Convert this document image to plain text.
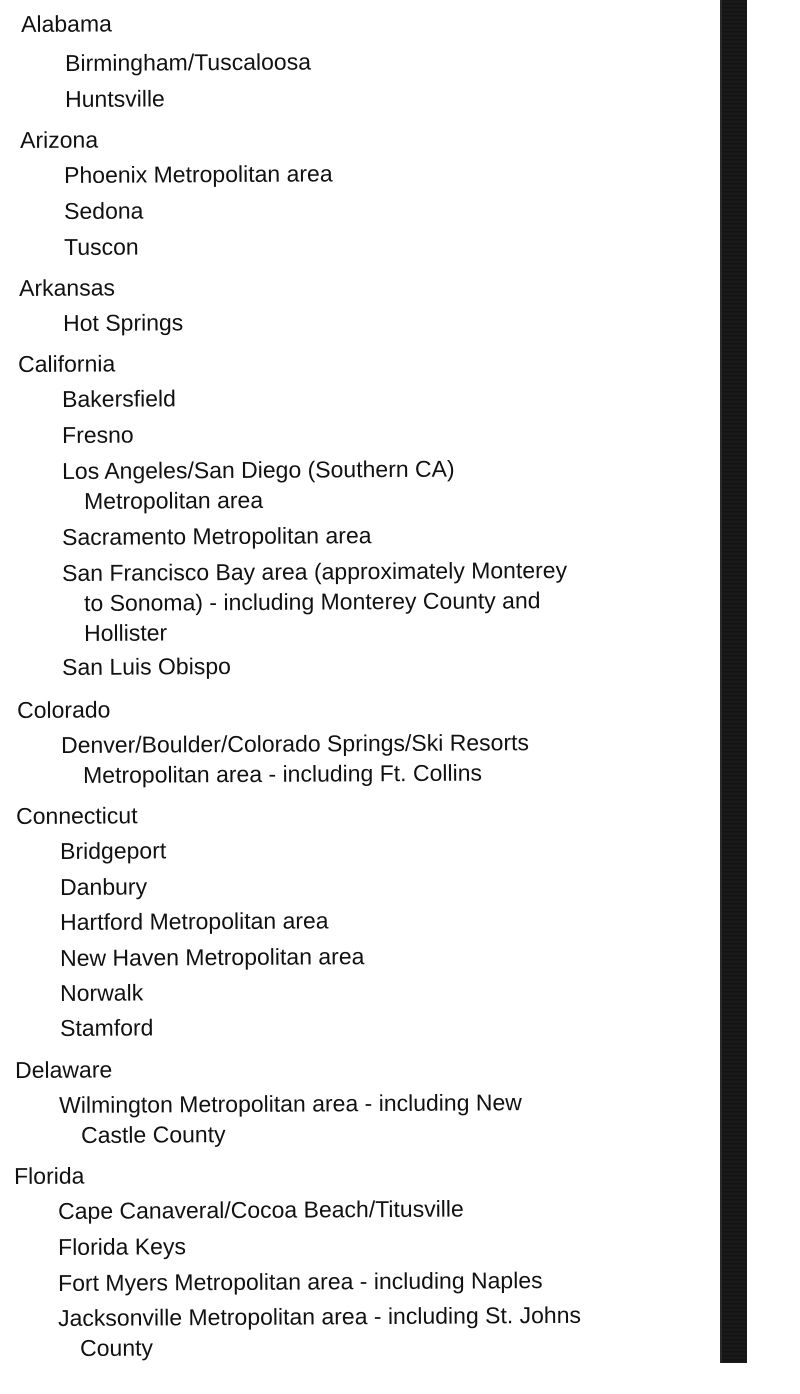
Alabama
Birmingham/Tuscaloosa
Huntsville
Arizona
Phoenix Metropolitan area
Sedona
Tuscon
Arkansas
Hot Springs
California
Bakersfield
Fresno
Los Angeles/San Diego (Southern CA)
Metropolitan area
Sacramento Metropolitan area
San Francisco Bay area (approximately Monterey
to Sonoma) - including Monterey County and
Hollister
San Luis Obispo
Colorado
Denver/Boulder/Colorado Springs/Ski Resorts
Metropolitan area - including Ft. Collins
Connecticut
Bridgeport
Danbury
Hartford Metropolitan area
New Haven Metropolitan area
Norwalk
Stamford
Delaware
Wilmington Metropolitan area - including New
Castle County
Florida
Cape Canaveral/Cocoa Beach/Titusville
Florida Keys
Fort Myers Metropolitan area - including Naples
Jacksonville Metropolitan area - including St. Johns
County
